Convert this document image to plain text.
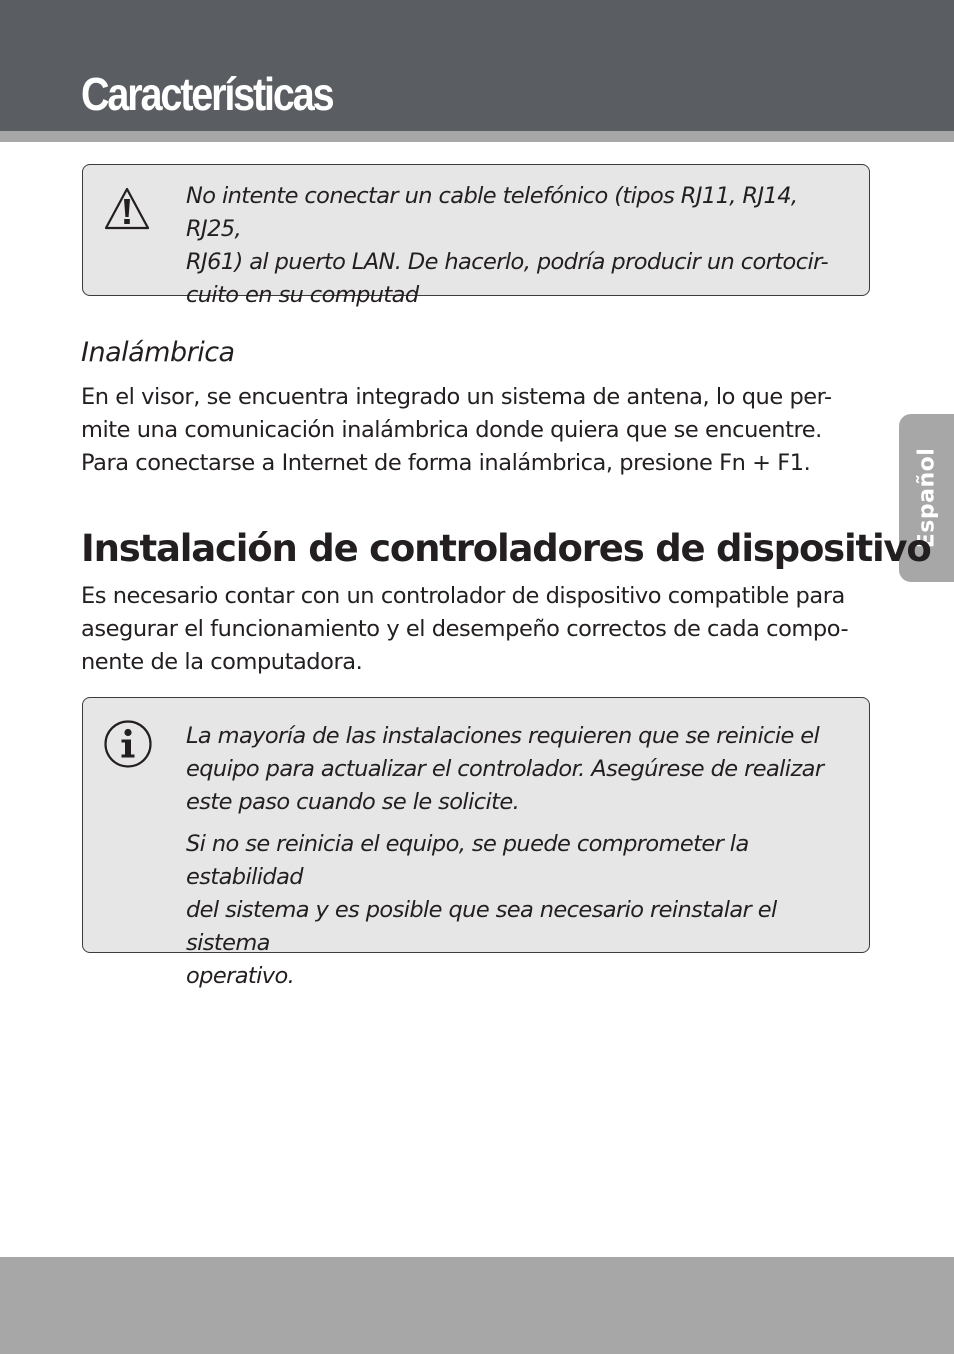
Características
Español

No intente conectar un cable telefónico (tipos RJ11, RJ14, RJ25,
RJ61) al puerto LAN. De hacerlo, podría producir un cortocir-
cuito en su computad

Inalámbrica

En el visor, se encuentra integrado un sistema de antena, lo que per-
mite una comunicación inalámbrica donde quiera que se encuentre.
Para conectarse a Internet de forma inalámbrica, presione Fn + F1.

Instalación de controladores de dispositivo

Es necesario contar con un controlador de dispositivo compatible para
asegurar el funcionamiento y el desempeño correctos de cada compo-
nente de la computadora.

La mayoría de las instalaciones requieren que se reinicie el
equipo para actualizar el controlador. Asegúrese de realizar
este paso cuando se le solicite.

Si no se reinicia el equipo, se puede comprometer la estabilidad
del sistema y es posible que sea necesario reinstalar el sistema
operativo.
